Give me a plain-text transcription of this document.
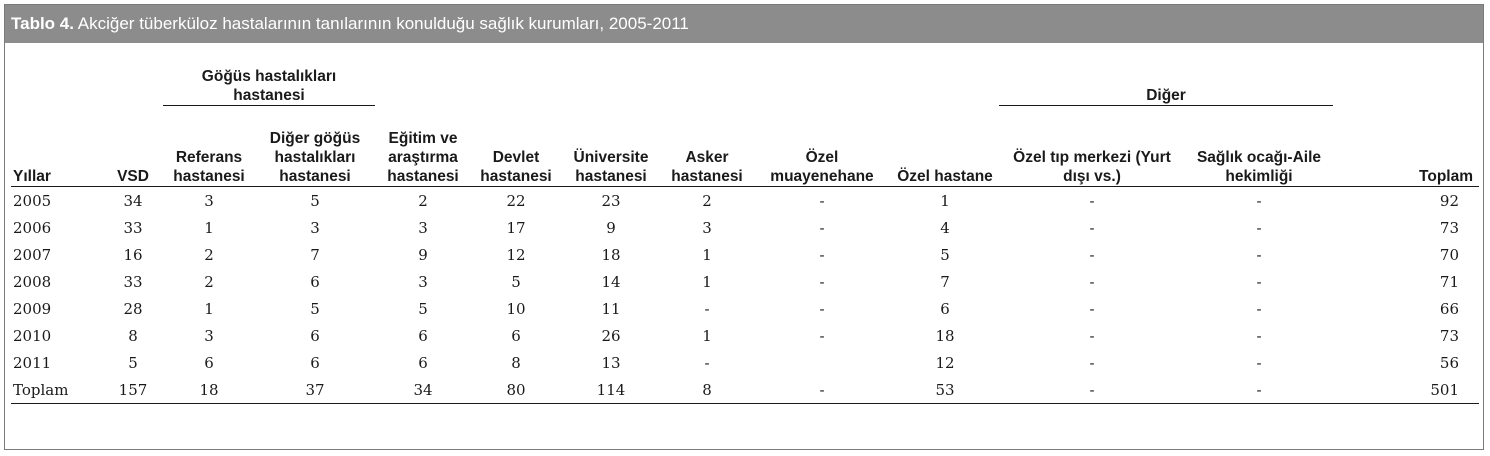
Tablo 4. Akciğer tüberküloz hastalarının tanılarının konulduğu sağlık kurumları, 2005-2011
		Göğüs hastalıkları hastanesi								Diğer		
Yıllar	VSD	Referans hastanesi	Diğer göğüs hastalıkları hastanesi	Eğitim ve araştırma hastanesi	Devlet hastanesi	Üniversite hastanesi	Asker hastanesi	Özel muayenehane	Özel hastane	Özel tıp merkezi (Yurt dışı vs.)	Sağlık ocağı-Aile hekimliği	Toplam
2005	34	3	5	2	22	23	2	-	1	-	-	92
2006	33	1	3	3	17	9	3	-	4	-	-	73
2007	16	2	7	9	12	18	1	-	5	-	-	70
2008	33	2	6	3	5	14	1	-	7	-	-	71
2009	28	1	5	5	10	11	-	-	6	-	-	66
2010	8	3	6	6	6	26	1	-	18	-	-	73
2011	5	6	6	6	8	13	-		12	-	-	56
Toplam	157	18	37	34	80	114	8	-	53	-	-	501
